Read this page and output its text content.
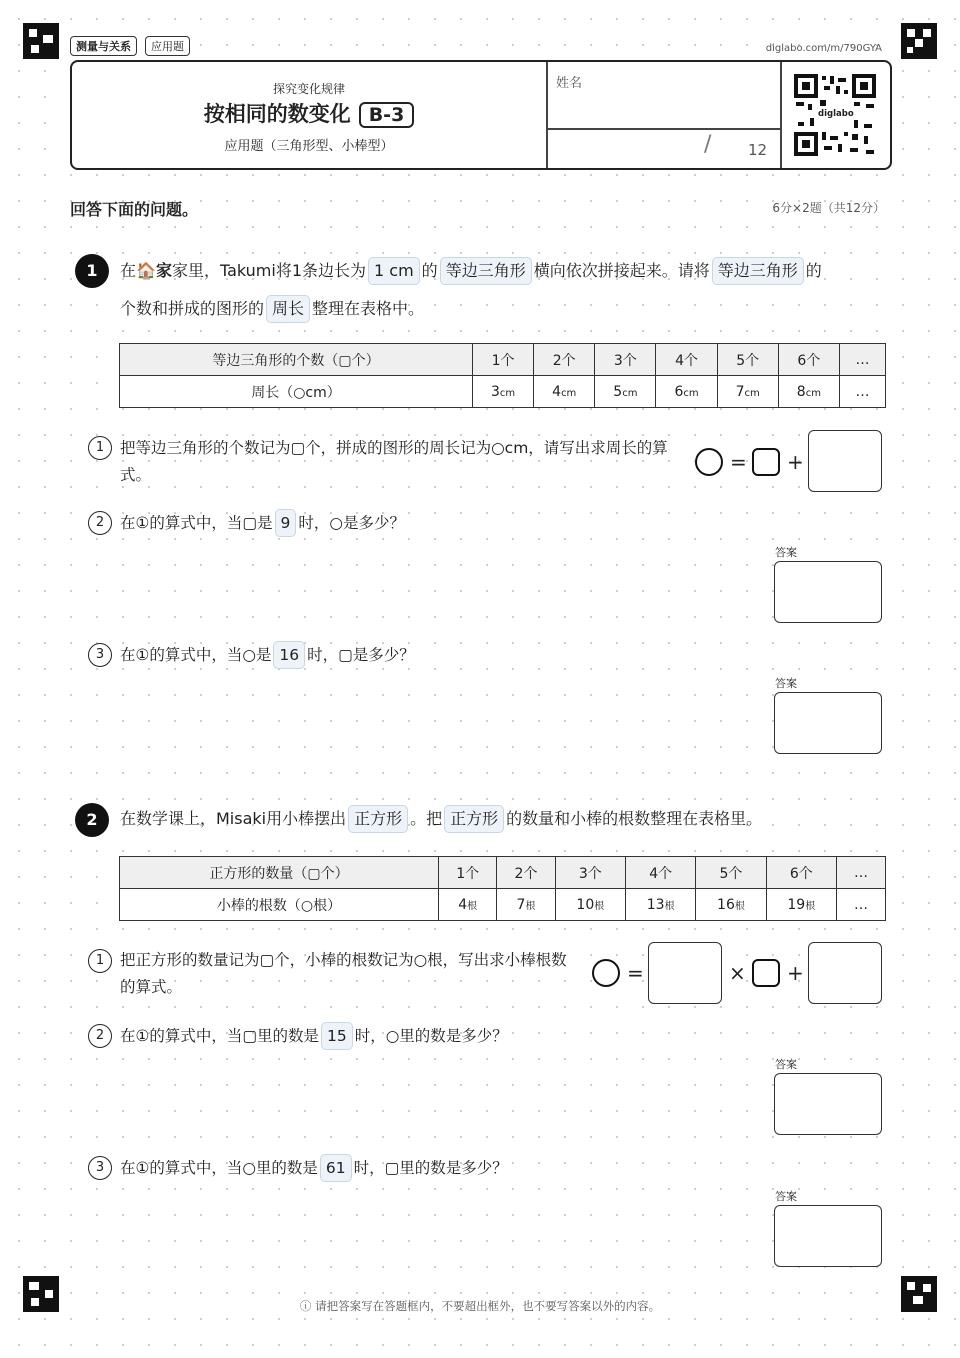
测量与关系	应用题	diglabo.com/m/790GYA
探究变化规律
按相同的数变化 B-3
应用题（三角形型、小棒型）
姓名
/ 12
diglabo
回答下面的问题。	6分×2题（共12分）
1	在🏠家家里，Takumi将1条边长为 1 cm 的 等边三角形 横向依次拼接起来。请将 等边三角形 的
个数和拼成的图形的 周长 整理在表格中。
等边三角形的个数（▢个）	1个	2个	3个	4个	5个	6个	…
周长（○cm）	3cm	4cm	5cm	6cm	7cm	8cm	…
1	把等边三角形的个数记为▢个，拼成的图形的周长记为○cm，请写出求周长的算式。
= +
2	在①的算式中，当▢是 9 时，○是多少？
答案
3	在①的算式中，当○是 16 时，▢是多少？
答案
2	在数学课上，Misaki用小棒摆出 正方形 。把 正方形 的数量和小棒的根数整理在表格里。
正方形的数量（▢个）	1个	2个	3个	4个	5个	6个	…
小棒的根数（○根）	4根	7根	10根	13根	16根	19根	…
1	把正方形的数量记为▢个，小棒的根数记为○根，写出求小棒根数的算式。
=	× +
2	在①的算式中，当▢里的数是 15 时，○里的数是多少？
答案
3	在①的算式中，当○里的数是 61 时，▢里的数是多少？
答案
ⓘ 请把答案写在答题框内，不要超出框外，也不要写答案以外的内容。
